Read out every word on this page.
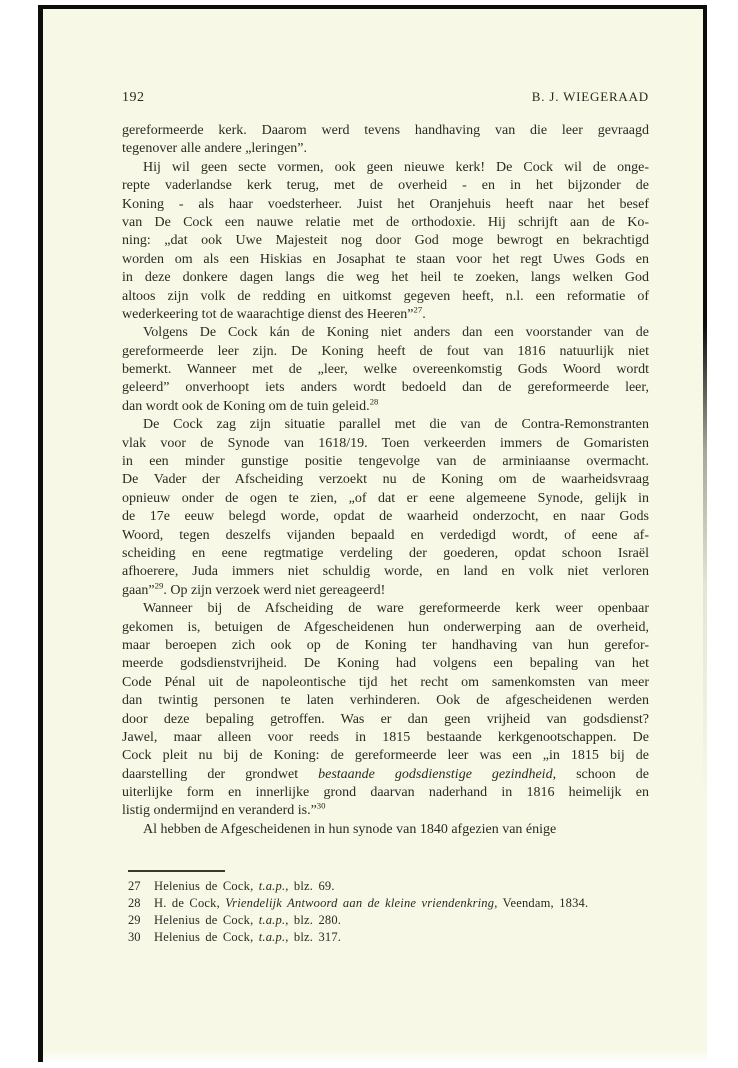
192	B. J. WIEGERAAD
gereformeerde kerk. Daarom werd tevens handhaving van die leer gevraagd
tegenover alle andere „leringen”.
Hij wil geen secte vormen, ook geen nieuwe kerk! De Cock wil de onge-
repte vaderlandse kerk terug, met de overheid - en in het bijzonder de
Koning - als haar voedsterheer. Juist het Oranjehuis heeft naar het besef
van De Cock een nauwe relatie met de orthodoxie. Hij schrijft aan de Ko-
ning: „dat ook Uwe Majesteit nog door God moge bewrogt en bekrachtigd
worden om als een Hiskias en Josaphat te staan voor het regt Uwes Gods en
in deze donkere dagen langs die weg het heil te zoeken, langs welken God
altoos zijn volk de redding en uitkomst gegeven heeft, n.l. een reformatie of
wederkeering tot de waarachtige dienst des Heeren”$^{27}$.
Volgens De Cock kán de Koning niet anders dan een voorstander van de
gereformeerde leer zijn. De Koning heeft de fout van 1816 natuurlijk niet
bemerkt. Wanneer met de „leer, welke overeenkomstig Gods Woord wordt
geleerd” onverhoopt iets anders wordt bedoeld dan de gereformeerde leer,
dan wordt ook de Koning om de tuin geleid.$^{28}$
De Cock zag zijn situatie parallel met die van de Contra-Remonstranten
vlak voor de Synode van 1618/19. Toen verkeerden immers de Gomaristen
in een minder gunstige positie tengevolge van de arminiaanse overmacht.
De Vader der Afscheiding verzoekt nu de Koning om de waarheidsvraag
opnieuw onder de ogen te zien, „of dat er eene algemeene Synode, gelijk in
de 17e eeuw belegd worde, opdat de waarheid onderzocht, en naar Gods
Woord, tegen deszelfs vijanden bepaald en verdedigd wordt, of eene af-
scheiding en eene regtmatige verdeling der goederen, opdat schoon Israël
afhoerere, Juda immers niet schuldig worde, en land en volk niet verloren
gaan”$^{29}$. Op zijn verzoek werd niet gereageerd!
Wanneer bij de Afscheiding de ware gereformeerde kerk weer openbaar
gekomen is, betuigen de Afgescheidenen hun onderwerping aan de overheid,
maar beroepen zich ook op de Koning ter handhaving van hun gerefor-
meerde godsdienstvrijheid. De Koning had volgens een bepaling van het
Code Pénal uit de napoleontische tijd het recht om samenkomsten van meer
dan twintig personen te laten verhinderen. Ook de afgescheidenen werden
door deze bepaling getroffen. Was er dan geen vrijheid van godsdienst?
Jawel, maar alleen voor reeds in 1815 bestaande kerkgenootschappen. De
Cock pleit nu bij de Koning: de gereformeerde leer was een „in 1815 bij de
daarstelling der grondwet bestaande godsdienstige gezindheid, schoon de
uiterlijke form en innerlijke grond daarvan naderhand in 1816 heimelijk en
listig ondermijnd en veranderd is.”$^{30}$
Al hebben de Afgescheidenen in hun synode van 1840 afgezien van énige
27	Helenius de Cock, t.a.p., blz. 69.
28	H. de Cock, Vriendelijk Antwoord aan de kleine vriendenkring, Veendam, 1834.
29	Helenius de Cock, t.a.p., blz. 280.
30	Helenius de Cock, t.a.p., blz. 317.
